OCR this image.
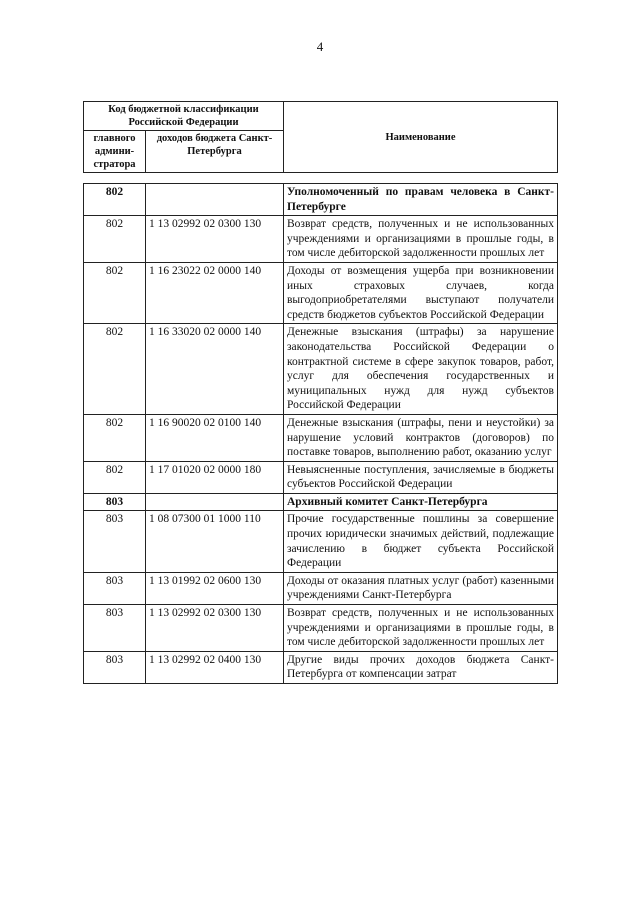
4
Код бюджетной классификации Российской Федерации		Наименование
главного админи-стратора	доходов бюджета Санкт-Петербурга	
802		Уполномоченный по правам человека в Санкт-Петербурге
802	1 13 02992 02 0300 130	Возврат средств, полученных и не использованных учреждениями и организациями в прошлые годы, в том числе дебиторской задолженности прошлых лет
802	1 16 23022 02 0000 140	Доходы от возмещения ущерба при возникновении иных страховых случаев, когда выгодоприобретателями выступают получатели средств бюджетов субъектов Российской Федерации
802	1 16 33020 02 0000 140	Денежные взыскания (штрафы) за нарушение законодательства Российской Федерации о контрактной системе в сфере закупок товаров, работ, услуг для обеспечения государственных и муниципальных нужд для нужд субъектов Российской Федерации
802	1 16 90020 02 0100 140	Денежные взыскания (штрафы, пени и неустойки) за нарушение условий контрактов (договоров) по поставке товаров, выполнению работ, оказанию услуг
802	1 17 01020 02 0000 180	Невыясненные поступления, зачисляемые в бюджеты субъектов Российской Федерации
803		Архивный комитет Санкт-Петербурга
803	1 08 07300 01 1000 110	Прочие государственные пошлины за совершение прочих юридически значимых действий, подлежащие зачислению в бюджет субъекта Российской Федерации
803	1 13 01992 02 0600 130	Доходы от оказания платных услуг (работ) казенными учреждениями Санкт-Петербурга
803	1 13 02992 02 0300 130	Возврат средств, полученных и не использованных учреждениями и организациями в прошлые годы, в том числе дебиторской задолженности прошлых лет
803	1 13 02992 02 0400 130	Другие виды прочих доходов бюджета Санкт-Петербурга от компенсации затрат
